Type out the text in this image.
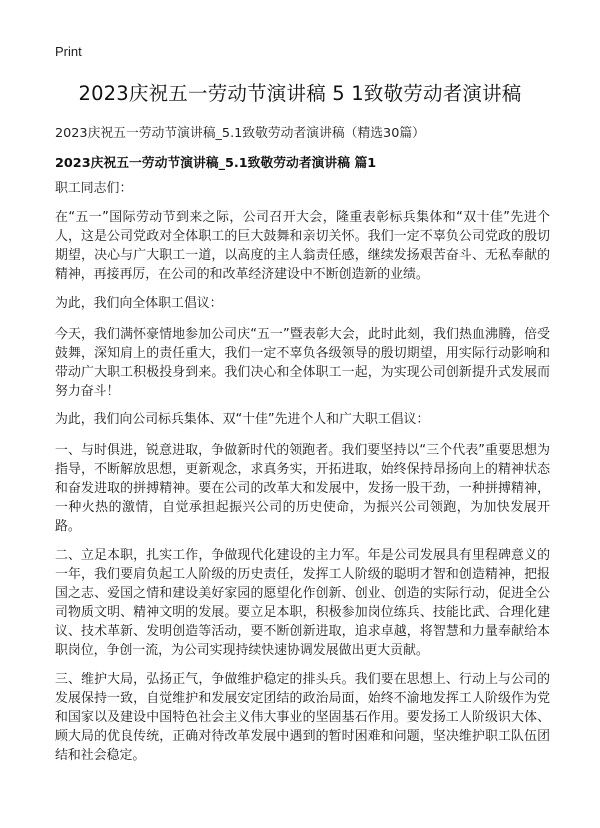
Print
2023庆祝五一劳动节演讲稿 5 1致敬劳动者演讲稿
2023庆祝五一劳动节演讲稿_5.1致敬劳动者演讲稿（精选30篇）
2023庆祝五一劳动节演讲稿_5.1致敬劳动者演讲稿 篇1

职工同志们：

在“五一”国际劳动节到来之际，公司召开大会，隆重表彰标兵集体和“双十佳”先进个人，这是公司党政对全体职工的巨大鼓舞和亲切关怀。我们一定不辜负公司党政的殷切期望，决心与广大职工一道，以高度的主人翁责任感，继续发扬艰苦奋斗、无私奉献的精神，再接再厉，在公司的和改革经济建设中不断创造新的业绩。

为此，我们向全体职工倡议：

今天，我们满怀豪情地参加公司庆“五一”暨表彰大会，此时此刻，我们热血沸腾，倍受鼓舞，深知肩上的责任重大，我们一定不辜负各级领导的殷切期望，用实际行动影响和带动广大职工积极投身到来。我们决心和全体职工一起，为实现公司创新提升式发展而努力奋斗！

为此，我们向公司标兵集体、双“十佳”先进个人和广大职工倡议：

一、与时俱进，锐意进取，争做新时代的领跑者。我们要坚持以“三个代表”重要思想为指导，不断解放思想，更新观念，求真务实，开拓进取，始终保持昂扬向上的精神状态和奋发进取的拼搏精神。要在公司的改革大和发展中，发扬一股干劲，一种拼搏精神，一种火热的激情，自觉承担起振兴公司的历史使命，为振兴公司领跑，为加快发展开路。

二、立足本职，扎实工作，争做现代化建设的主力军。年是公司发展具有里程碑意义的一年，我们要肩负起工人阶级的历史责任，发挥工人阶级的聪明才智和创造精神，把报国之志、爱国之情和建设美好家园的愿望化作创新、创业、创造的实际行动，促进全公司物质文明、精神文明的发展。要立足本职，积极参加岗位练兵、技能比武、合理化建议、技术革新、发明创造等活动，要不断创新进取，追求卓越，将智慧和力量奉献给本职岗位，争创一流，为公司实现持续快速协调发展做出更大贡献。

三、维护大局，弘扬正气，争做维护稳定的排头兵。我们要在思想上、行动上与公司的发展保持一致，自觉维护和发展安定团结的政治局面，始终不渝地发挥工人阶级作为党和国家以及建设中国特色社会主义伟大事业的坚固基石作用。要发扬工人阶级识大体、顾大局的优良传统，正确对待改革发展中遇到的暂时困难和问题，坚决维护职工队伍团结和社会稳定。
